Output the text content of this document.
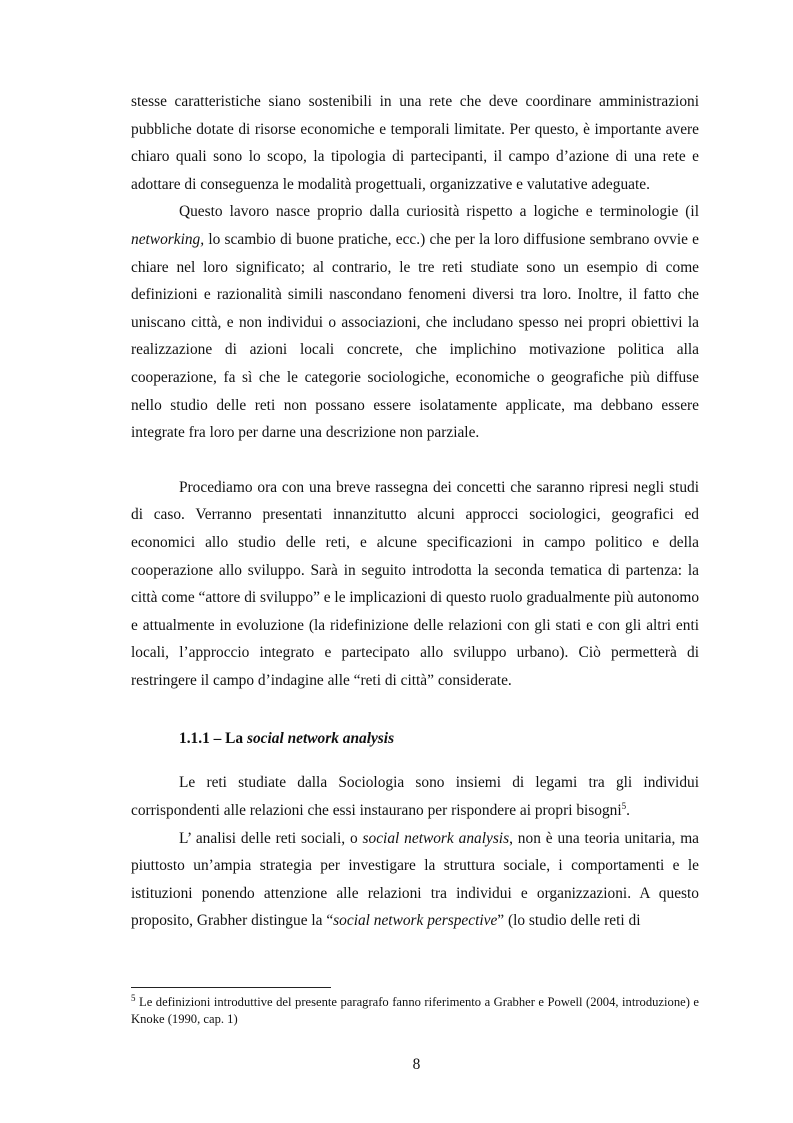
stesse caratteristiche siano sostenibili in una rete che deve coordinare amministrazioni pubbliche dotate di risorse economiche e temporali limitate. Per questo, è importante avere chiaro quali sono lo scopo, la tipologia di partecipanti, il campo d’azione di una rete e adottare di conseguenza le modalità progettuali, organizzative e valutative adeguate.

Questo lavoro nasce proprio dalla curiosità rispetto a logiche e terminologie (il networking, lo scambio di buone pratiche, ecc.) che per la loro diffusione sembrano ovvie e chiare nel loro significato; al contrario, le tre reti studiate sono un esempio di come definizioni e razionalità simili nascondano fenomeni diversi tra loro. Inoltre, il fatto che uniscano città, e non individui o associazioni, che includano spesso nei propri obiettivi la realizzazione di azioni locali concrete, che implichino motivazione politica alla cooperazione, fa sì che le categorie sociologiche, economiche o geografiche più diffuse nello studio delle reti non possano essere isolatamente applicate, ma debbano essere integrate fra loro per darne una descrizione non parziale.

Procediamo ora con una breve rassegna dei concetti che saranno ripresi negli studi di caso. Verranno presentati innanzitutto alcuni approcci sociologici, geografici ed economici allo studio delle reti, e alcune specificazioni in campo politico e della cooperazione allo sviluppo. Sarà in seguito introdotta la seconda tematica di partenza: la città come “attore di sviluppo” e le implicazioni di questo ruolo gradualmente più autonomo e attualmente in evoluzione (la ridefinizione delle relazioni con gli stati e con gli altri enti locali, l’approccio integrato e partecipato allo sviluppo urbano). Ciò permetterà di restringere il campo d’indagine alle “reti di città” considerate.

1.1.1 – La social network analysis

Le reti studiate dalla Sociologia sono insiemi di legami tra gli individui corrispondenti alle relazioni che essi instaurano per rispondere ai propri bisogni$^5$.

L’ analisi delle reti sociali, o social network analysis, non è una teoria unitaria, ma piuttosto un’ampia strategia per investigare la struttura sociale, i comportamenti e le istituzioni ponendo attenzione alle relazioni tra individui e organizzazioni. A questo proposito, Grabher distingue la “social network perspective” (lo studio delle reti di

$^5$ Le definizioni introduttive del presente paragrafo fanno riferimento a Grabher e Powell (2004, introduzione) e Knoke (1990, cap. 1)
8
